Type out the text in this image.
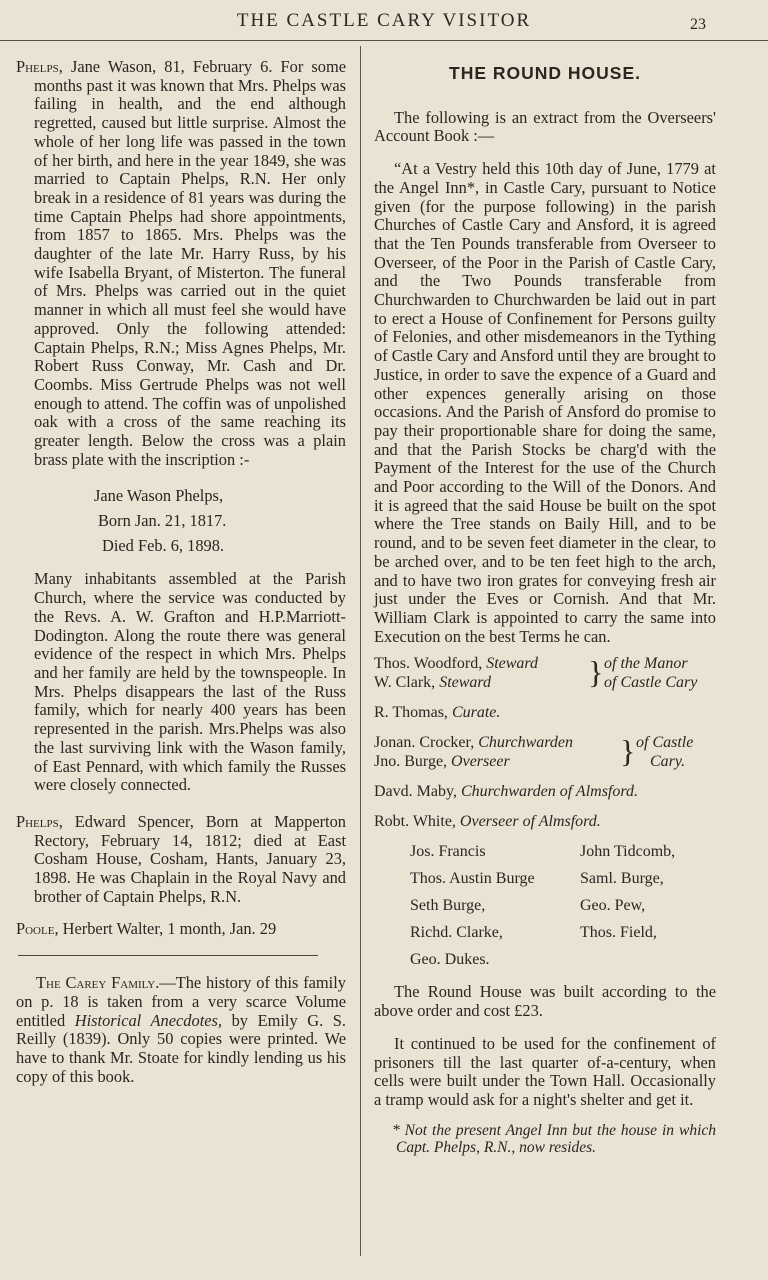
THE CASTLE CARY VISITOR	23

Phelps, Jane Wason, 81, February 6. For some months past it was known that Mrs. Phelps was failing in health, and the end although regretted, caused but little surprise. Almost the whole of her long life was passed in the town of her birth, and here in the year 1849, she was married to Captain Phelps, R.N. Her only break in a residence of 81 years was during the time Captain Phelps had shore appointments, from 1857 to 1865. Mrs. Phelps was the daughter of the late Mr. Harry Russ, by his wife Isabella Bryant, of Misterton. The funeral of Mrs. Phelps was carried out in the quiet manner in which all must feel she would have approved. Only the following attended: Captain Phelps, R.N.; Miss Agnes Phelps, Mr. Robert Russ Conway, Mr. Cash and Dr. Coombs. Miss Gertrude Phelps was not well enough to attend. The coffin was of unpolished oak with a cross of the same reaching its greater length. Below the cross was a plain brass plate with the inscription :-

Jane Wason Phelps,
Born Jan. 21, 1817.
Died Feb. 6, 1898.

Many inhabitants assembled at the Parish Church, where the service was conducted by the Revs. A. W. Grafton and H.P.Marriott-Dodington. Along the route there was general evidence of the respect in which Mrs. Phelps and her family are held by the townspeople. In Mrs. Phelps disappears the last of the Russ family, which for nearly 400 years has been represented in the parish. Mrs.Phelps was also the last surviving link with the Wason family, of East Pennard, with which family the Russes were closely connected.

Phelps, Edward Spencer, Born at Mapperton Rectory, February 14, 1812; died at East Cosham House, Cosham, Hants, January 23, 1898. He was Chaplain in the Royal Navy and brother of Captain Phelps, R.N.

Poole, Herbert Walter, 1 month, Jan. 29

The Carey Family.—The history of this family on p. 18 is taken from a very scarce Volume entitled Historical Anecdotes, by Emily G. S. Reilly (1839). Only 50 copies were printed. We have to thank Mr. Stoate for kindly lending us his copy of this book.

THE ROUND HOUSE.

The following is an extract from the Overseers' Account Book :—

“At a Vestry held this 10th day of June, 1779 at the Angel Inn*, in Castle Cary, pursuant to Notice given (for the purpose following) in the parish Churches of Castle Cary and Ansford, it is agreed that the Ten Pounds transferable from Overseer to Overseer, of the Poor in the Parish of Castle Cary, and the Two Pounds transferable from Churchwarden to Churchwarden be laid out in part to erect a House of Confinement for Persons guilty of Felonies, and other misdemeanors in the Tything of Castle Cary and Ansford until they are brought to Justice, in order to save the expence of a Guard and other expences generally arising on those occasions. And the Parish of Ansford do promise to pay their proportionable share for doing the same, and that the Parish Stocks be charg'd with the Payment of the Interest for the use of the Church and Poor according to the Will of the Donors. And it is agreed that the said House be built on the spot where the Tree stands on Baily Hill, and to be round, and to be seven feet diameter in the clear, to be arched over, and to be ten feet high to the arch, and to have two iron grates for conveying fresh air just under the Eves or Cornish. And that Mr. William Clark is appointed to carry the same into Execution on the best Terms he can.

Thos. Woodford, Steward
W. Clark, Steward	} of the Manor
of Castle Cary
R. Thomas, Curate.
Jonan. Crocker, Churchwarden
Jno. Burge, Overseer	} of Castle
Cary.
Davd. Maby, Churchwarden of Almsford.
Robt. White, Overseer of Almsford.
Jos. Francis	John Tidcomb,
Thos. Austin Burge	Saml. Burge,
Seth Burge,	Geo. Pew,
Richd. Clarke,	Thos. Field,
Geo. Dukes.

The Round House was built according to the above order and cost £23.

It continued to be used for the confinement of prisoners till the last quarter of-a-century, when cells were built under the Town Hall. Occasionally a tramp would ask for a night's shelter and get it.

* Not the present Angel Inn but the house in which Capt. Phelps, R.N., now resides.
